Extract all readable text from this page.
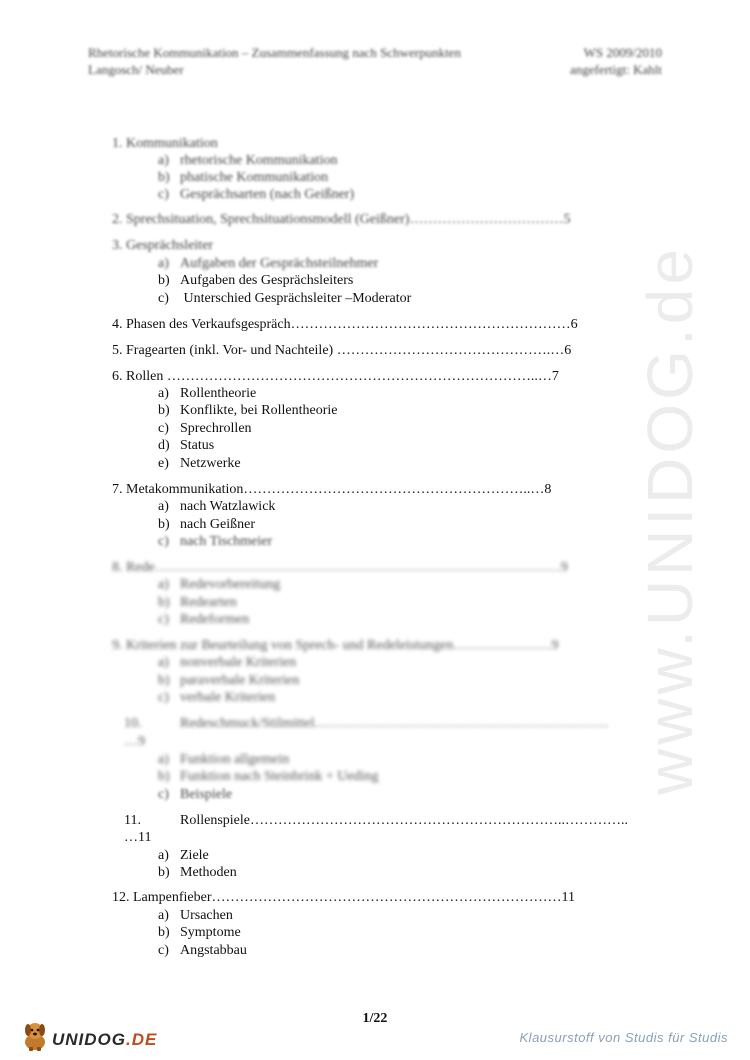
Rhetorische Kommunikation – Zusammenfassung nach Schwerpunkten	WS 2009/2010
Langosch/ Neuber	angefertigt: Kahlt
www.UNIDOG.de
1. Kommunikation
a) rhetorische Kommunikation
b) phatische Kommunikation
c) Gesprächsarten (nach Geißner)
2. Sprechsituation, Sprechsituationsmodell (Geißner)……………………………5
3. Gesprächsleiter
a) Aufgaben der Gesprächsteilnehmer
b) Aufgaben des Gesprächsleiters
c) Unterschied Gesprächsleiter –Moderator
4. Phasen des Verkaufsgespräch……………………………………………………6
5. Fragearten (inkl. Vor- und Nachteile) ……………………………………….…6
6. Rollen ……………………………………………………………………..…7
a) Rollentheorie
b) Konflikte, bei Rollentheorie
c) Sprechrollen
d) Status
e) Netzwerke
7. Metakommunikation……………………………………………………..…8
a) nach Watzlawick
b) nach Geißner
c) nach Tischmeier
8. Rede……………………………………………………………………………9
a) Redevorbereitung
b) Redearten
c) Redeformen
9. Kriterien zur Beurteilung von Sprech- und Redeleistungen…………………9
a) nonverbale Kriterien
b) paraverbale Kriterien
c) verbale Kriterien
10.	Redeschmuck/Stilmittel………………………………………………………
…9
a) Funktion allgemein
b) Funktion nach Steinbrink + Ueding
c) Beispiele
11.	Rollenspiele…………………………………………………………..…………..
…11
a) Ziele
b) Methoden
12. Lampenfieber…………………………………………………………………11
a) Ursachen
b) Symptome
c) Angstabbau
1/22
UNIDOG.DE	Klausurstoff von Studis für Studis
